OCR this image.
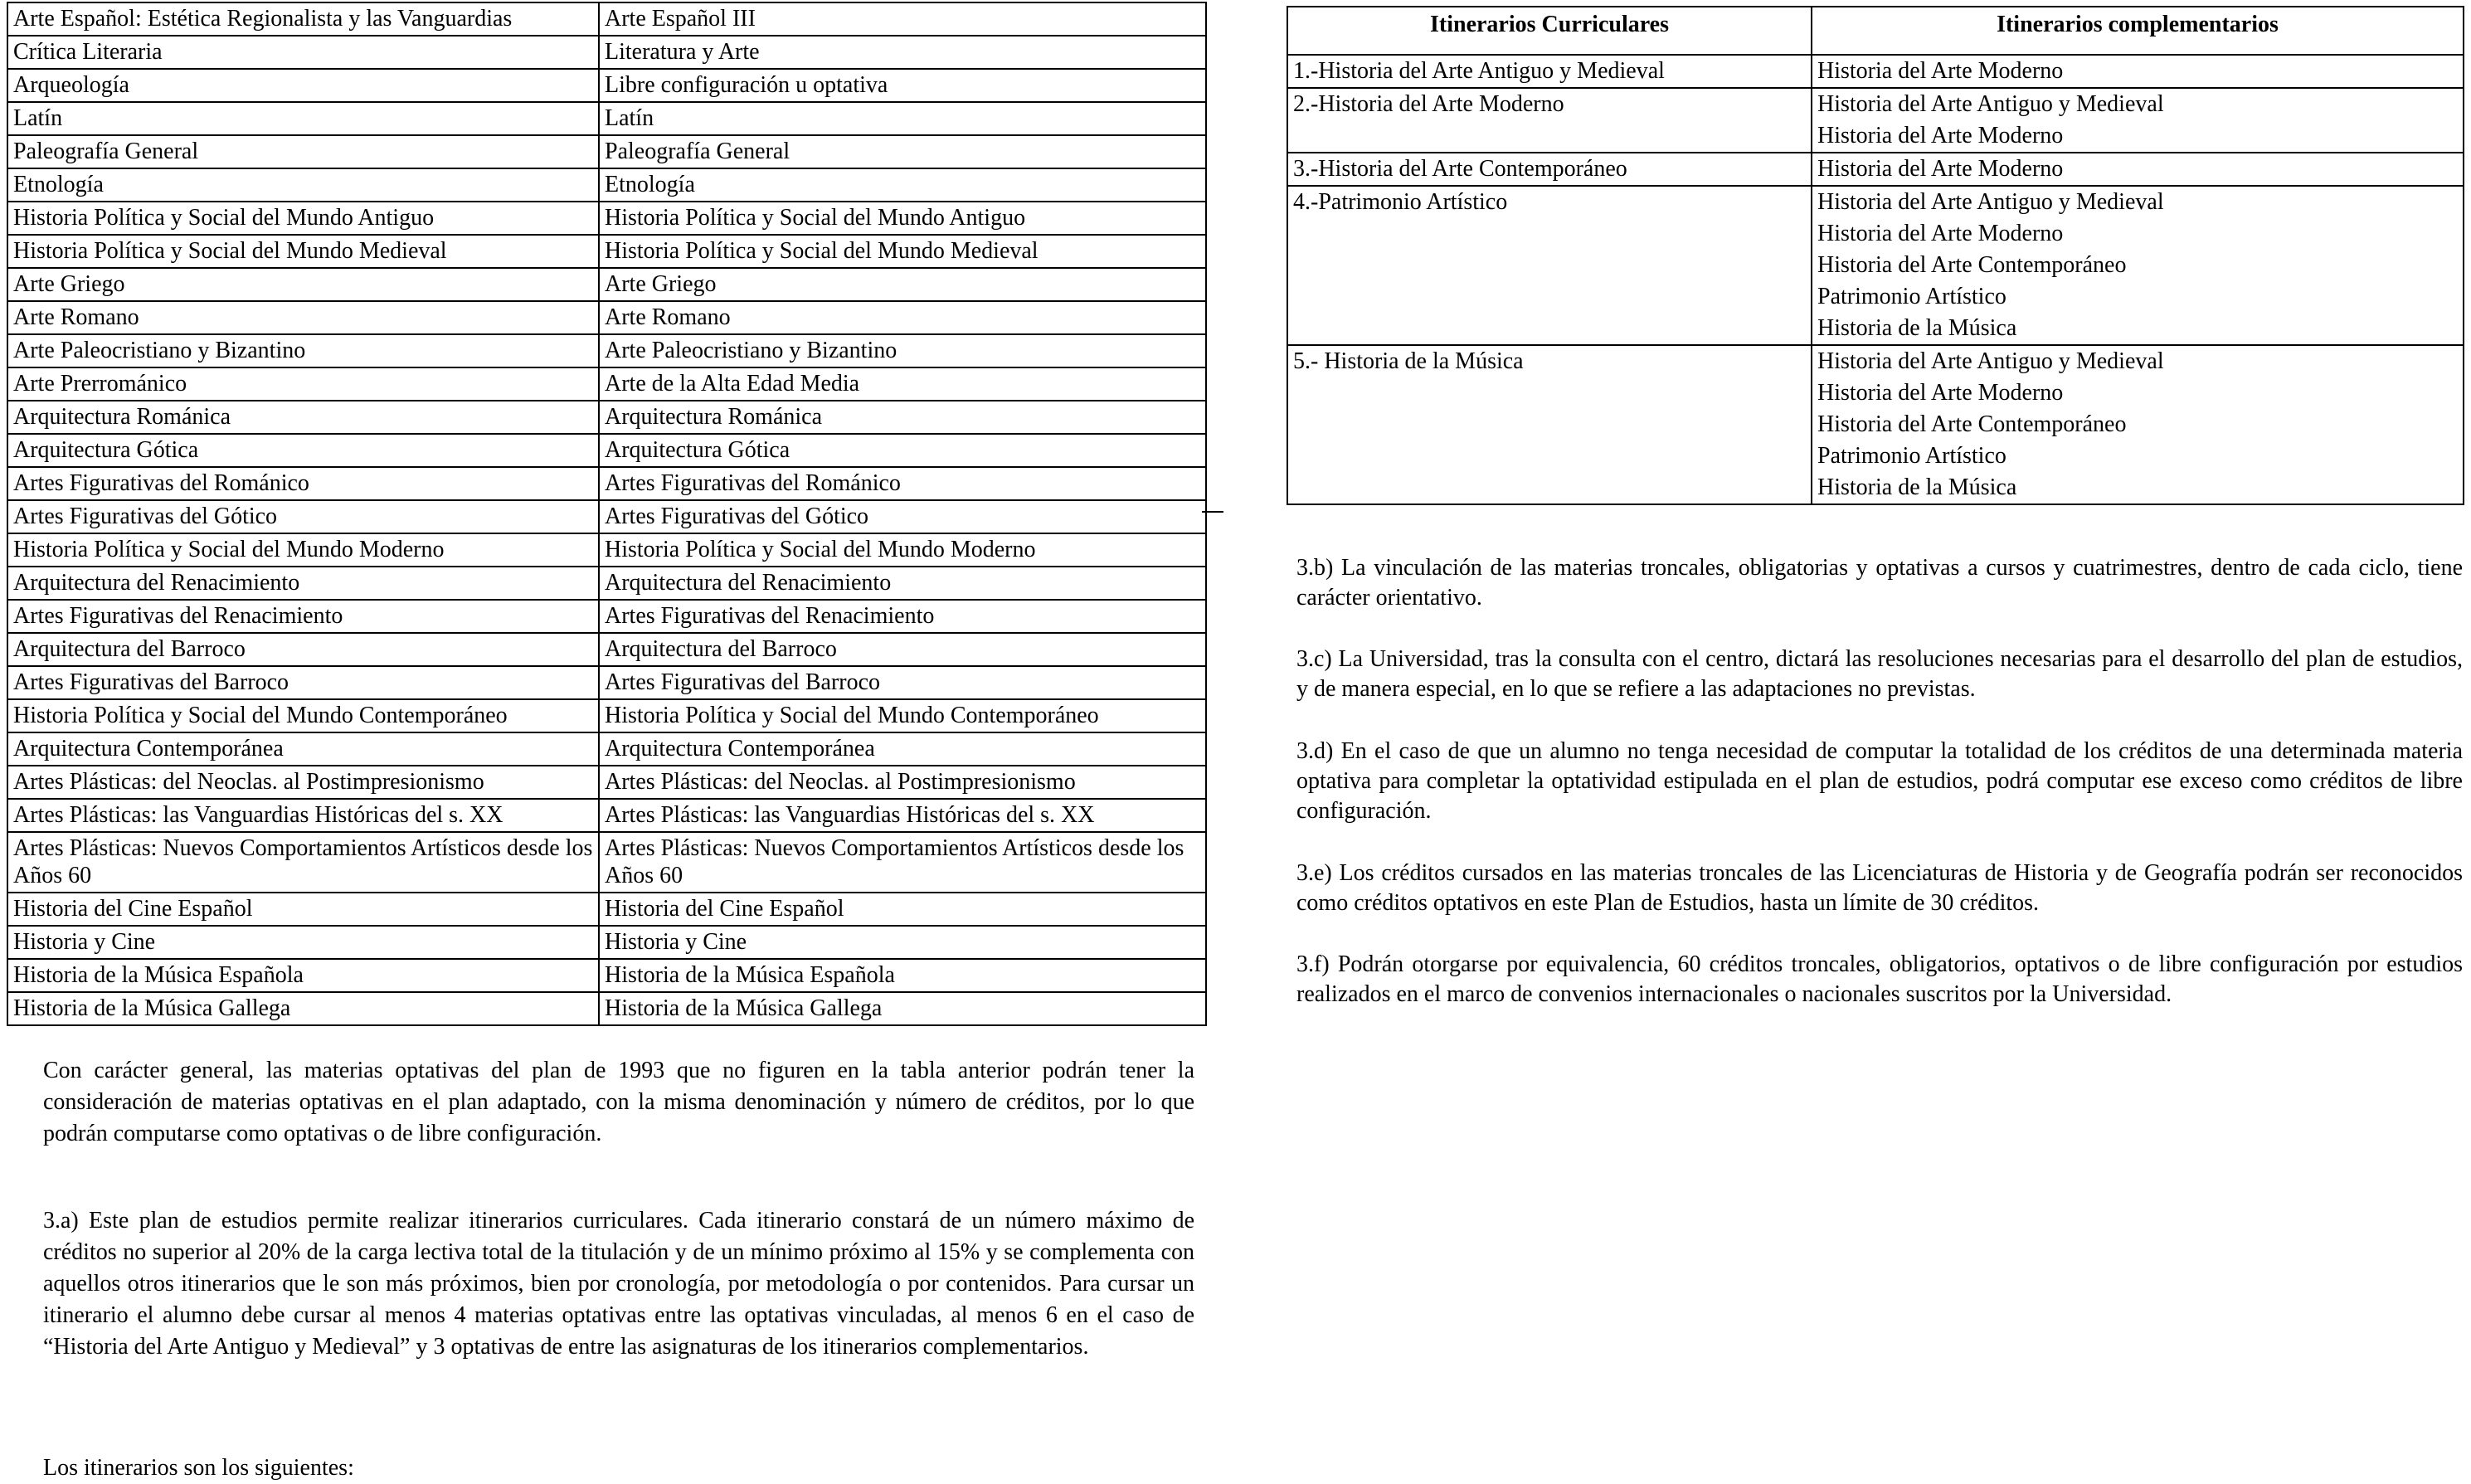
Arte Español: Estética Regionalista y las Vanguardias	Arte Español III
Crítica Literaria	Literatura y Arte
Arqueología	Libre configuración u optativa
Latín	Latín
Paleografía General	Paleografía General
Etnología	Etnología
Historia Política y Social del Mundo Antiguo	Historia Política y Social del Mundo Antiguo
Historia Política y Social del Mundo Medieval	Historia Política y Social del Mundo Medieval
Arte Griego	Arte Griego
Arte Romano	Arte Romano
Arte Paleocristiano y Bizantino	Arte Paleocristiano y Bizantino
Arte Prerrománico	Arte de la Alta Edad Media
Arquitectura Románica	Arquitectura Románica
Arquitectura Gótica	Arquitectura Gótica
Artes Figurativas del Románico	Artes Figurativas del Románico
Artes Figurativas del Gótico	Artes Figurativas del Gótico
Historia Política y Social del Mundo Moderno	Historia Política y Social del Mundo Moderno
Arquitectura del Renacimiento	Arquitectura del Renacimiento
Artes Figurativas del Renacimiento	Artes Figurativas del Renacimiento
Arquitectura del Barroco	Arquitectura del Barroco
Artes Figurativas del Barroco	Artes Figurativas del Barroco
Historia Política y Social del Mundo Contemporáneo	Historia Política y Social del Mundo Contemporáneo
Arquitectura Contemporánea	Arquitectura Contemporánea
Artes Plásticas: del Neoclas. al Postimpresionismo	Artes Plásticas: del Neoclas. al Postimpresionismo
Artes Plásticas: las Vanguardias Históricas del s. XX	Artes Plásticas: las Vanguardias Históricas del s. XX
Artes Plásticas: Nuevos Comportamientos Artísticos desde los Años 60	Artes Plásticas: Nuevos Comportamientos Artísticos desde los Años 60
Historia del Cine Español	Historia del Cine Español
Historia y Cine	Historia y Cine
Historia de la Música Española	Historia de la Música Española
Historia de la Música Gallega	Historia de la Música Gallega

Con carácter general, las materias optativas del plan de 1993 que no figuren en la tabla anterior podrán tener la consideración de materias optativas en el plan adaptado, con la misma denominación y número de créditos, por lo que podrán computarse como optativas o de libre configuración.

3.a) Este plan de estudios permite realizar itinerarios curriculares. Cada itinerario constará de un número máximo de créditos no superior al 20% de la carga lectiva total de la titulación y de un mínimo próximo al 15% y se complementa con aquellos otros itinerarios que le son más próximos, bien por cronología, por metodología o por contenidos. Para cursar un itinerario el alumno debe cursar al menos 4 materias optativas entre las optativas vinculadas, al menos 6 en el caso de “Historia del Arte Antiguo y Medieval” y 3 optativas de entre las asignaturas de los itinerarios complementarios.

Los itinerarios son los siguientes:

Itinerarios Curriculares	Itinerarios complementarios
1.-Historia del Arte Antiguo y Medieval	Historia del Arte Moderno

2.-Historia del Arte Moderno	Historia del Arte Antiguo y Medieval
Historia del Arte Moderno

3.-Historia del Arte Contemporáneo	Historia del Arte Moderno

4.-Patrimonio Artístico	Historia del Arte Antiguo y Medieval
Historia del Arte Moderno
Historia del Arte Contemporáneo
Patrimonio Artístico
Historia de la Música

5.- Historia de la Música	Historia del Arte Antiguo y Medieval
Historia del Arte Moderno
Historia del Arte Contemporáneo
Patrimonio Artístico
Historia de la Música

3.b) La vinculación de las materias troncales, obligatorias y optativas a cursos y cuatrimestres, dentro de cada ciclo, tiene carácter orientativo.

3.c) La Universidad, tras la consulta con el centro, dictará las resoluciones necesarias para el desarrollo del plan de estudios, y de manera especial, en lo que se refiere a las adaptaciones no previstas.

3.d) En el caso de que un alumno no tenga necesidad de computar la totalidad de los créditos de una determinada materia optativa para completar la optatividad estipulada en el plan de estudios, podrá computar ese exceso como créditos de libre configuración.

3.e) Los créditos cursados en las materias troncales de las Licenciaturas de Historia y de Geografía podrán ser reconocidos como créditos optativos en este Plan de Estudios, hasta un límite de 30 créditos.

3.f) Podrán otorgarse por equivalencia, 60 créditos troncales, obligatorios, optativos o de libre configuración por estudios realizados en el marco de convenios internacionales o nacionales suscritos por la Universidad.
